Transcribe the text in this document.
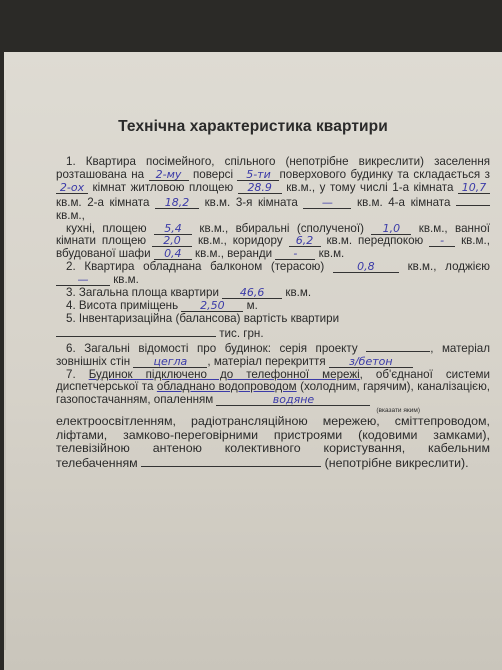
Технічна характеристика квартири

1. Квартира посімейного, спільного (непотрібне викреслити) заселення розташована на 2-му поверсі 5-ти поверхового будинку та складається з 2-ох кімнат житловою площею 28.9 кв.м., у тому числі 1-а кімната 10,7 кв.м. 2-а кімната 18,2 кв.м. 3-я кімната — кв.м. 4-а кімната  кв.м.,

кухні, площею 5,4 кв.м., вбиральні (сполученої) 1,0 кв.м., ванної кімнати площею 2,0 кв.м., коридору 6,2 кв.м. передпокою - кв.м., вбудованої шафи 0,4 кв.м., веранди - кв.м.

2. Квартира обладнана балконом (терасою)	0,8	кв.м., лоджією — кв.м.

3. Загальна площа квартири 46,6 кв.м.

4. Висота приміщень 2,50 м.

5. Інвентаризаційна (балансова) вартість квартири
тис. грн.

6. Загальні відомості про будинок: серія проекту	, матеріал зовнішніх стін цегла , матеріал перекриття з/бетон

7. Будинок підключено до телефонної мережі, об'єднаної системи диспетчерської та обладнано водопроводом (холодним, гарячим), каналізацією, газопостачанням, опаленням	водяне

(вказати яким)

електроосвітленням, радіотрансляційною мережею, сміттепроводом, ліфтами, замково-переговірними пристроями (кодовими замками), телевізійною антеною колективного користування, кабельним телебаченням	(непотрібне викреслити).
